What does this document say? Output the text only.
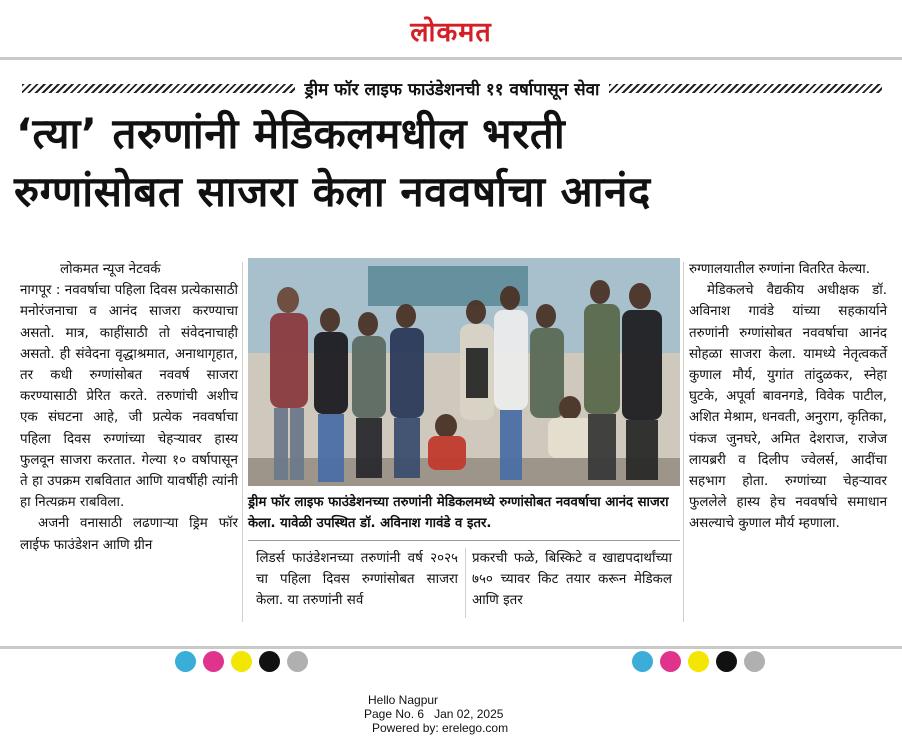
लोकमत
ड्रीम फॉर लाइफ फाउंडेशनची ११ वर्षापासून सेवा
‘त्या’ तरुणांनी मेडिकलमधील भरती
रुग्णांसोबत साजरा केला नववर्षाचा आनंद

लोकमत न्यूज नेटवर्क

नागपूर : नववर्षाचा पहिला दिवस प्रत्येकासाठी मनोरंजनाचा व आनंद साजरा करण्याचा असतो. मात्र, काहींसाठी तो संवेदनाचाही असतो. ही संवेदना वृद्धाश्रमात, अनाथागृहात, तर कधी रुग्णांसोबत नववर्ष साजरा करण्यासाठी प्रेरित करते. तरुणांची अशीच एक संघटना आहे, जी प्रत्येक नववर्षाचा पहिला दिवस रुग्णांच्या चेहऱ्यावर हास्य फुलवून साजरा करतात. गेल्या १० वर्षापासून ते हा उपक्रम राबवितात आणि यावर्षीही त्यांनी हा नित्यक्रम राबविला.

अजनी वनासाठी लढणाऱ्या ड्रिम फॉर लाईफ फाउंडेशन आणि ग्रीन

ड्रीम फॉर लाइफ फाउंडेशनच्या तरुणांनी मेडिकलमध्ये रुग्णांसोबत नववर्षाचा आनंद साजरा केला. यावेळी उपस्थित डॉ. अविनाश गावंडे व इतर.

लिडर्स फाउंडेशनच्या तरुणांनी वर्ष २०२५ चा पहिला दिवस रुग्णांसोबत साजरा केला. या तरुणांनी सर्व

प्रकरची फळे, बिस्किटे व खाद्यपदार्थांच्या ७५० च्यावर किट तयार करून मेडिकल आणि इतर

रुग्णालयातील रुग्णांना वितरित केल्या.

मेडिकलचे वैद्यकीय अधीक्षक डॉ. अविनाश गावंडे यांच्या सहकार्याने तरुणांनी रुग्णांसोबत नववर्षाचा आनंद सोहळा साजरा केला. यामध्ये नेतृत्वकर्ते कुणाल मौर्य, युगांत तांदुळकर, स्नेहा घुटके, अपूर्वा बावनगडे, विवेक पाटील, अशित मेश्राम, धनवती, अनुराग, कृतिका, पंकज जुनघरे, अमित देशराज, राजेज लायब्ररी व दिलीप ज्वेलर्स, आदींचा सहभाग होता. रुग्णांच्या चेहऱ्यावर फुललेले हास्य हेच नववर्षाचे समाधान असल्याचे कुणाल मौर्य म्हणाला.

Hello Nagpur
Page No. 6 Jan 02, 2025
Powered by: erelego.com
